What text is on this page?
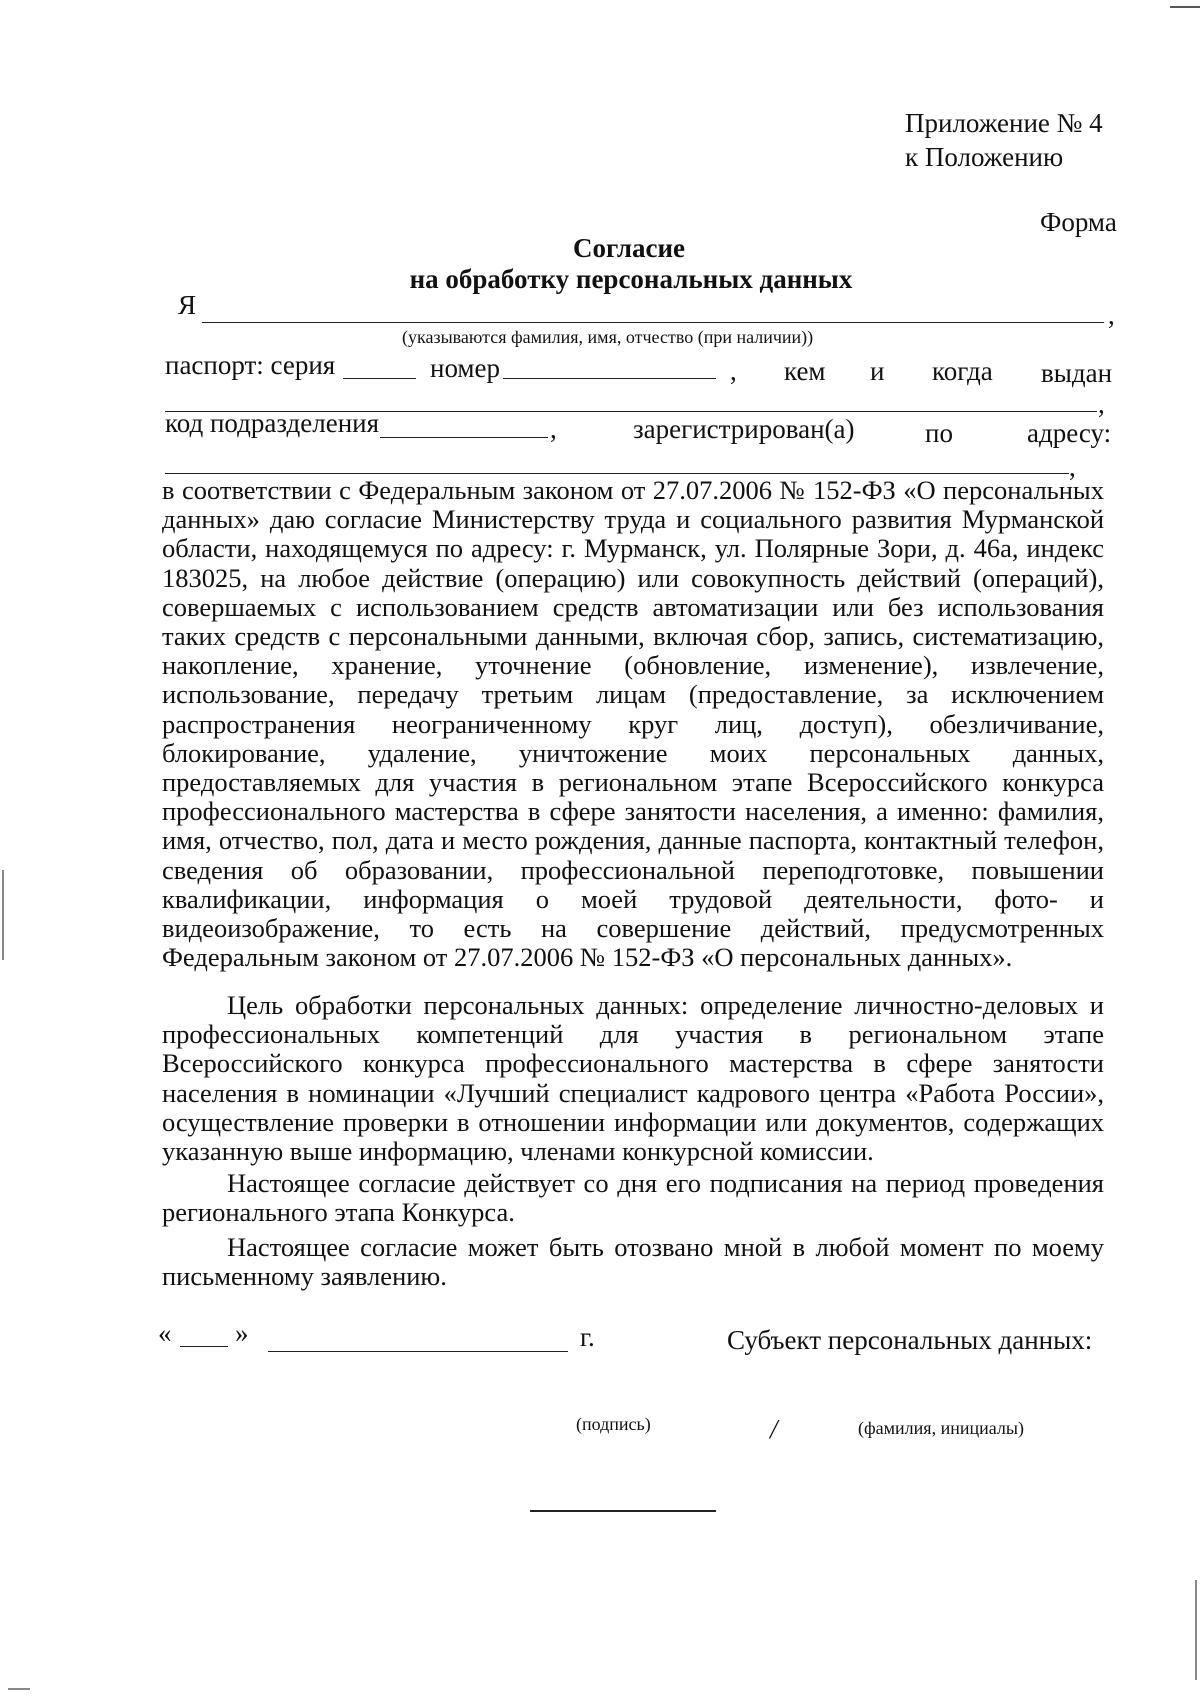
Приложение № 4
к Положению
Форма
Согласие
на обработку персональных данных
Я	,
(указываются фамилия, имя, отчество (при наличии))
паспорт: серия	номер	, кем и когда выдан
,
код подразделения	,	зарегистрирован(а)	по	адресу:
,
в соответствии с Федеральным законом от 27.07.2006 № 152-ФЗ «О персональных данных» даю согласие Министерству труда и социального развития Мурманской области, находящемуся по адресу: г. Мурманск, ул. Полярные Зори, д. 46а, индекс 183025, на любое действие (операцию) или совокупность действий (операций), совершаемых с использованием средств автоматизации или без использования таких средств с персональными данными, включая сбор, запись, систематизацию, накопление, хранение, уточнение (обновление, изменение), извлечение, использование, передачу третьим лицам (предоставление, за исключением распространения неограниченному круг лиц, доступ), обезличивание, блокирование, удаление, уничтожение моих персональных данных, предоставляемых для участия в региональном этапе Всероссийского конкурса профессионального мастерства в сфере занятости населения, а именно: фамилия, имя, отчество, пол, дата и место рождения, данные паспорта, контактный телефон, сведения об образовании, профессиональной переподготовке, повышении квалификации, информация о моей трудовой деятельности, фото- и видеоизображение, то есть на совершение действий, предусмотренных Федеральным законом от 27.07.2006 № 152-ФЗ «О персональных данных».
Цель обработки персональных данных: определение личностно-деловых и профессиональных компетенций для участия в региональном этапе Всероссийского конкурса профессионального мастерства в сфере занятости населения в номинации «Лучший специалист кадрового центра «Работа России», осуществление проверки в отношении информации или документов, содержащих указанную выше информацию, членами конкурсной комиссии.
Настоящее согласие действует со дня его подписания на период проведения регионального этапа Конкурса.
Настоящее согласие может быть отозвано мной в любой момент по моему письменному заявлению.
« »	г.	Субъект персональных данных:
(подпись)	/	(фамилия, инициалы)
